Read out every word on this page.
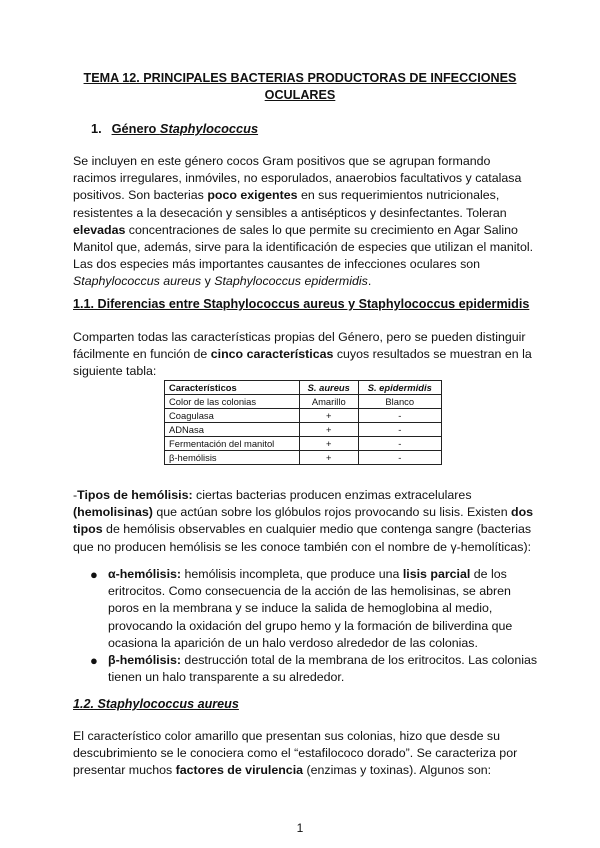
TEMA 12. PRINCIPALES BACTERIAS PRODUCTORAS DE INFECCIONES
OCULARES
1. Género Staphylococcus

Se incluyen en este género cocos Gram positivos que se agrupan formando racimos irregulares, inmóviles, no esporulados, anaerobios facultativos y catalasa positivos. Son bacterias poco exigentes en sus requerimientos nutricionales, resistentes a la desecación y sensibles a antisépticos y desinfectantes. Toleran elevadas concentraciones de sales lo que permite su crecimiento en Agar Salino Manitol que, además, sirve para la identificación de especies que utilizan el manitol. Las dos especies más importantes causantes de infecciones oculares son Staphylococcus aureus y Staphylococcus epidermidis.

1.1. Diferencias entre Staphylococcus aureus y Staphylococcus epidermidis

Comparten todas las características propias del Género, pero se pueden distinguir fácilmente en función de cinco características cuyos resultados se muestran en la siguiente tabla:

Característicos	S. aureus	S. epidermidis
Color de las colonias	Amarillo	Blanco
Coagulasa	+	-
ADNasa	+	-
Fermentación del manitol	+	-
β-hemólisis	+	-

-Tipos de hemólisis: ciertas bacterias producen enzimas extracelulares (hemolisinas) que actúan sobre los glóbulos rojos provocando su lisis. Existen dos tipos de hemólisis observables en cualquier medio que contenga sangre (bacterias que no producen hemólisis se les conoce también con el nombre de γ-hemolíticas):

● α-hemólisis: hemólisis incompleta, que produce una lisis parcial de los eritrocitos. Como consecuencia de la acción de las hemolisinas, se abren poros en la membrana y se induce la salida de hemoglobina al medio, provocando la oxidación del grupo hemo y la formación de biliverdina que ocasiona la aparición de un halo verdoso alrededor de las colonias.
● β-hemólisis: destrucción total de la membrana de los eritrocitos. Las colonias tienen un halo transparente a su alrededor.
1.2. Staphylococcus aureus

El característico color amarillo que presentan sus colonias, hizo que desde su descubrimiento se le conociera como el “estafilococo dorado”. Se caracteriza por presentar muchos factores de virulencia (enzimas y toxinas). Algunos son:

1
